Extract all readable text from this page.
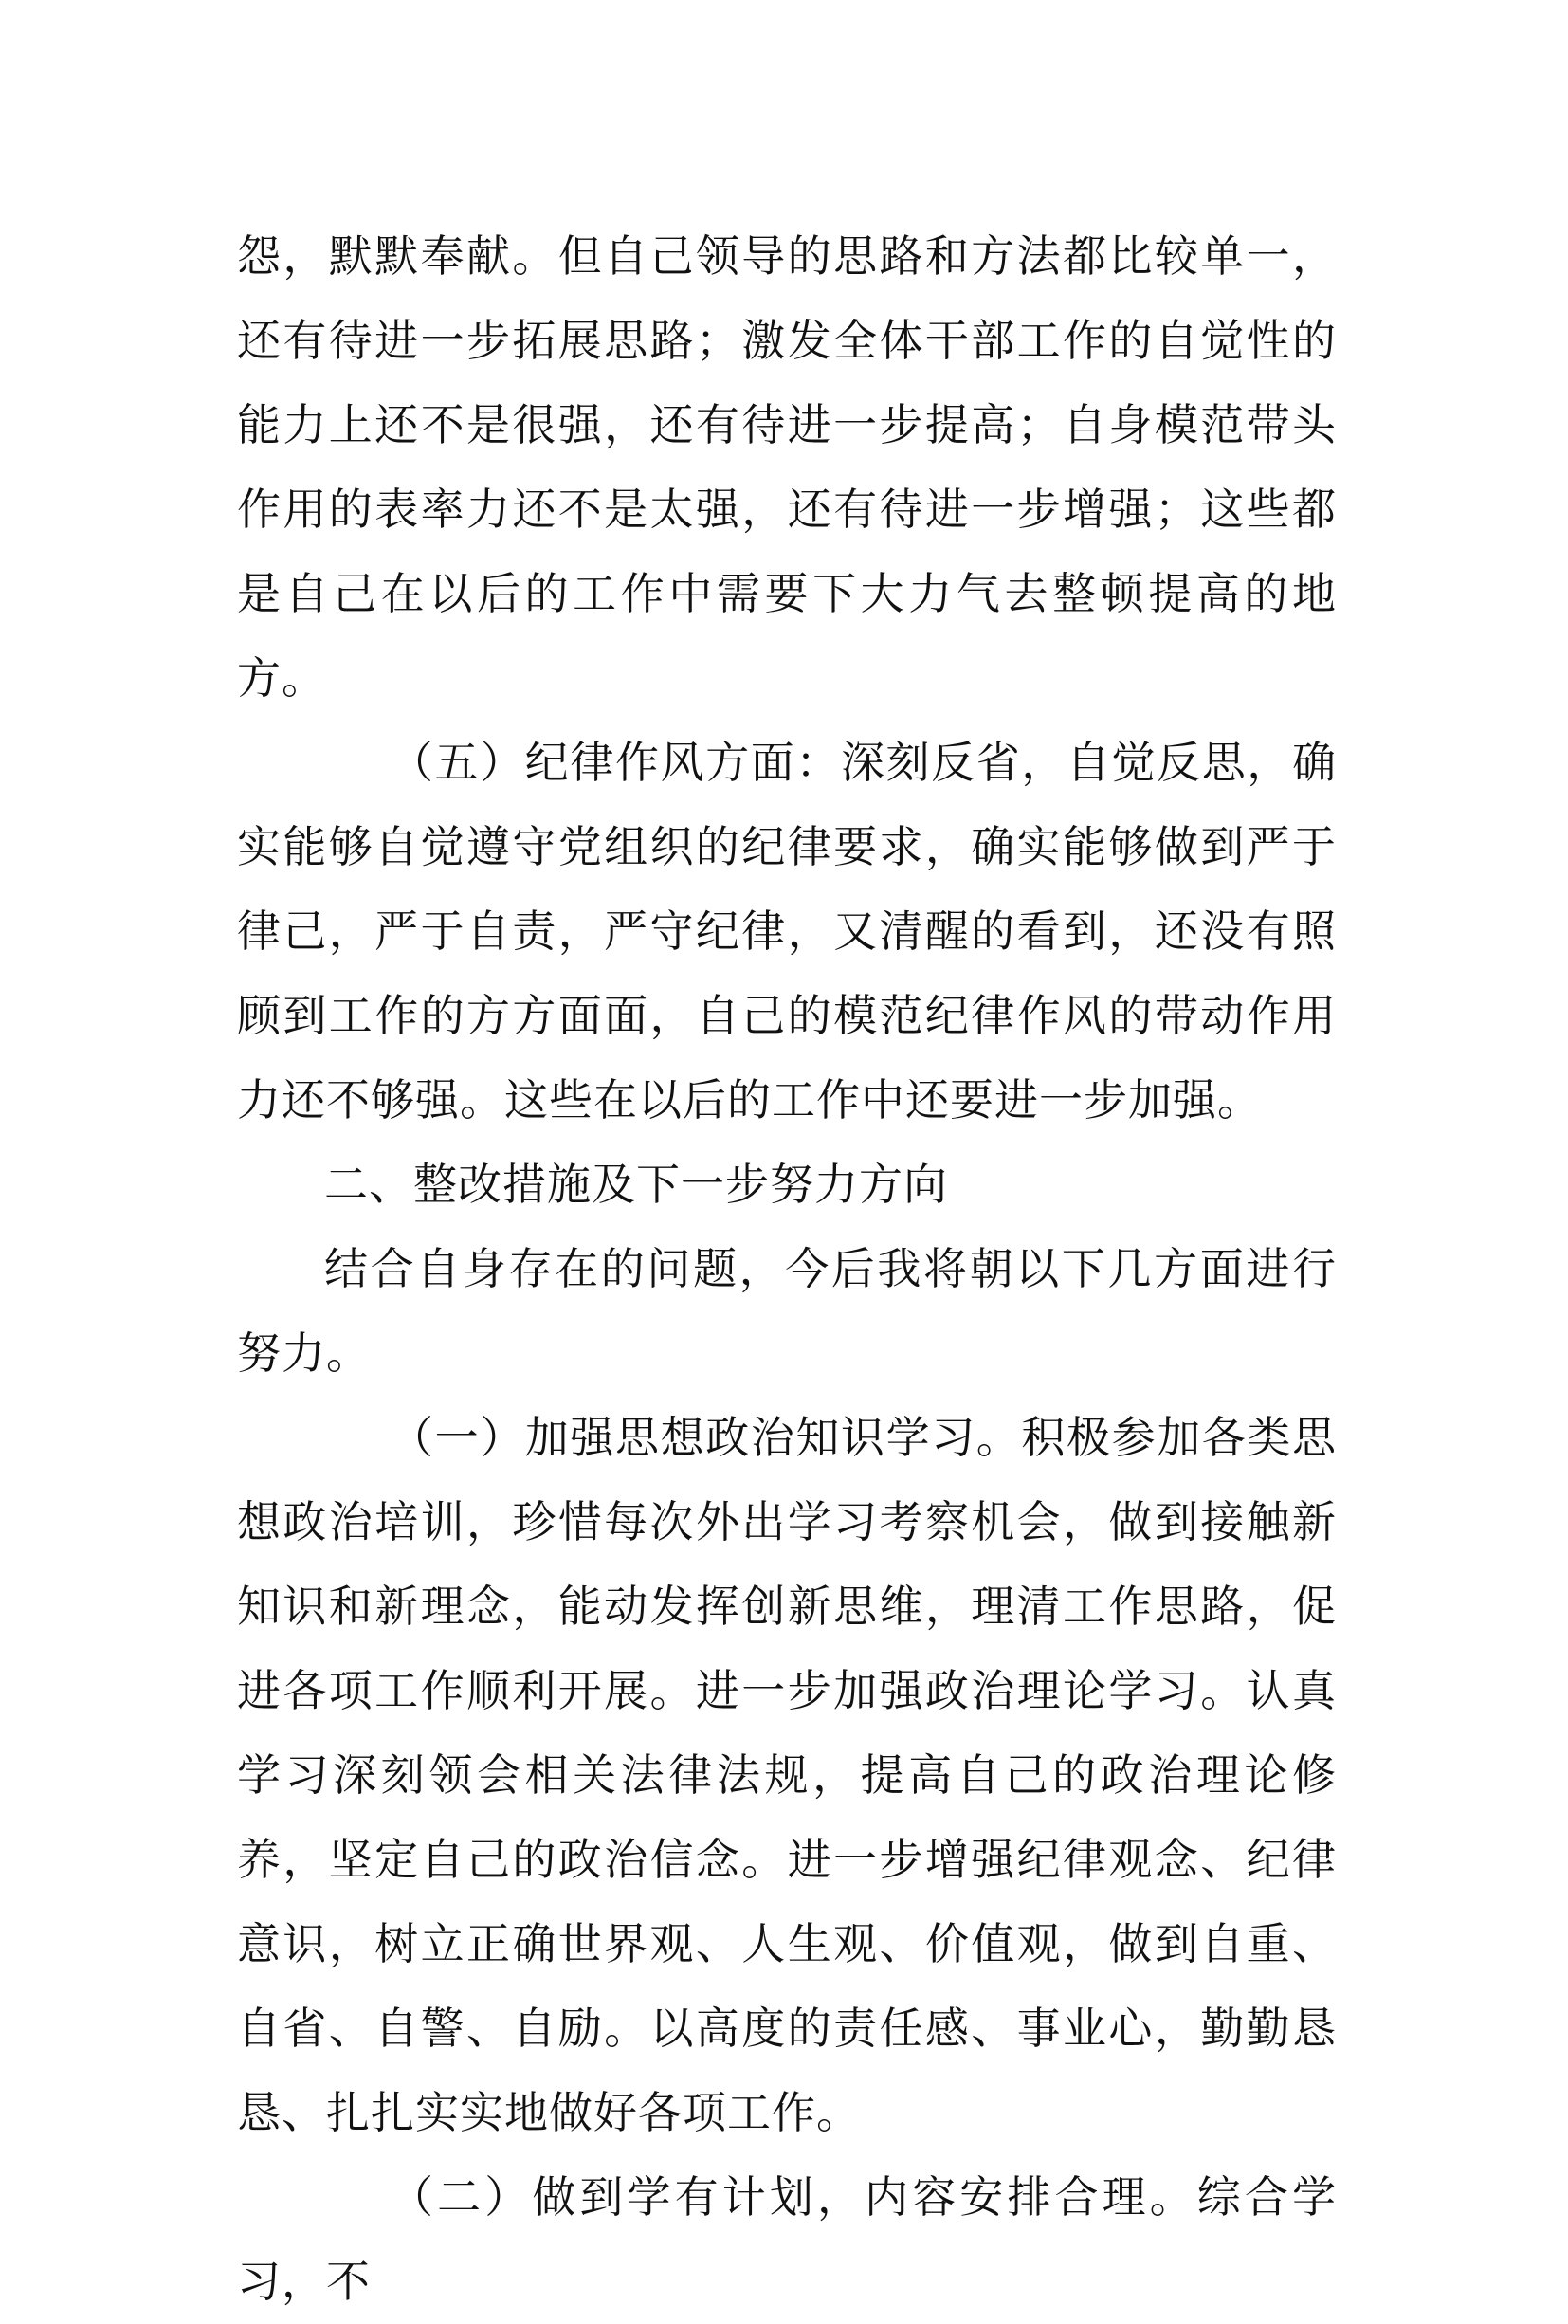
怨，默默奉献。但自己领导的思路和方法都比较单一，还有待进一步拓展思路；激发全体干部工作的自觉性的能力上还不是很强，还有待进一步提高；自身模范带头作用的表率力还不是太强，还有待进一步增强；这些都是自己在以后的工作中需要下大力气去整顿提高的地方。

（五）纪律作风方面：深刻反省，自觉反思，确实能够自觉遵守党组织的纪律要求，确实能够做到严于律己，严于自责，严守纪律，又清醒的看到，还没有照顾到工作的方方面面，自己的模范纪律作风的带动作用力还不够强。这些在以后的工作中还要进一步加强。

二、整改措施及下一步努力方向

结合自身存在的问题，今后我将朝以下几方面进行努力。

（一）加强思想政治知识学习。积极参加各类思想政治培训，珍惜每次外出学习考察机会，做到接触新知识和新理念，能动发挥创新思维，理清工作思路，促进各项工作顺利开展。进一步加强政治理论学习。认真学习深刻领会相关法律法规，提高自己的政治理论修养，坚定自己的政治信念。进一步增强纪律观念、纪律意识，树立正确世界观、人生观、价值观，做到自重、自省、自警、自励。以高度的责任感、事业心，勤勤恳恳、扎扎实实地做好各项工作。

（二）做到学有计划，内容安排合理。综合学习，不
